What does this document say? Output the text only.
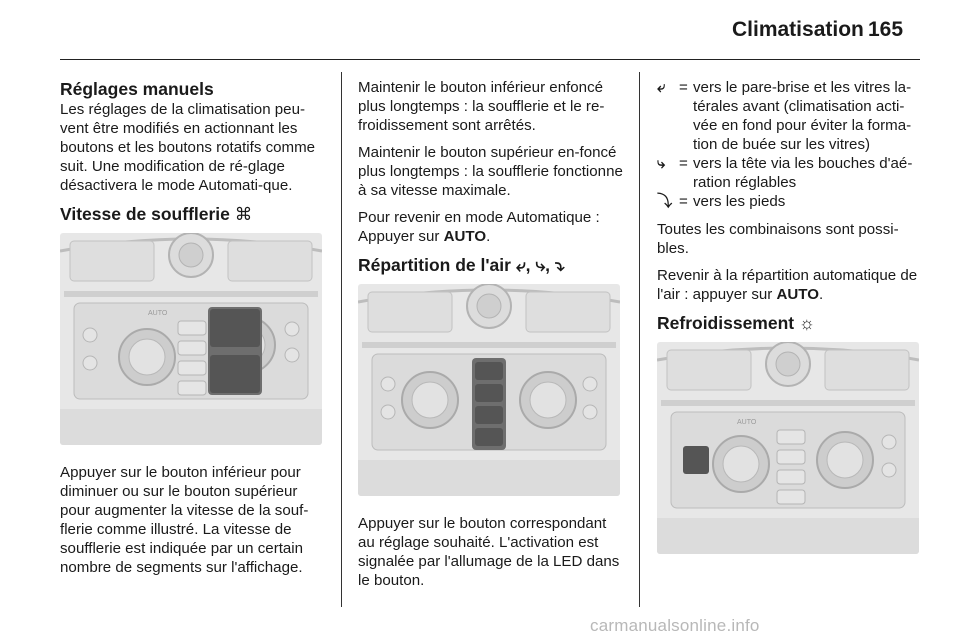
Climatisation 165
Réglages manuels

Les réglages de la climatisation peu-vent être modifiés en actionnant les boutons et les boutons rotatifs comme suit. Une modification de ré-glage désactivera le mode Automati-que.

Vitesse de soufflerie ⌘
AUTO

Appuyer sur le bouton inférieur pour diminuer ou sur le bouton supérieur pour augmenter la vitesse de la souf-flerie comme illustré. La vitesse de soufflerie est indiquée par un certain nombre de segments sur l'affichage.

Maintenir le bouton inférieur enfoncé plus longtemps : la soufflerie et le re-froidissement sont arrêtés.

Maintenir le bouton supérieur en-foncé plus longtemps : la soufflerie fonctionne à sa vitesse maximale.

Pour revenir en mode Automatique : Appuyer sur AUTO.

Répartition de l'air ⤶, ⤷, ⤵

Appuyer sur le bouton correspondant au réglage souhaité. L'activation est signalée par l'allumage de la LED dans le bouton.

⤶ = vers le pare-brise et les vitres la-térales avant (climatisation acti-vée en fond pour éviter la forma-tion de buée sur les vitres)
⤷ = vers la tête via les bouches d'aé-ration réglables
⤵ = vers les pieds

Toutes les combinaisons sont possi-bles.

Revenir à la répartition automatique de l'air : appuyer sur AUTO.

Refroidissement ☼
AUTO
carmanualsonline.info
